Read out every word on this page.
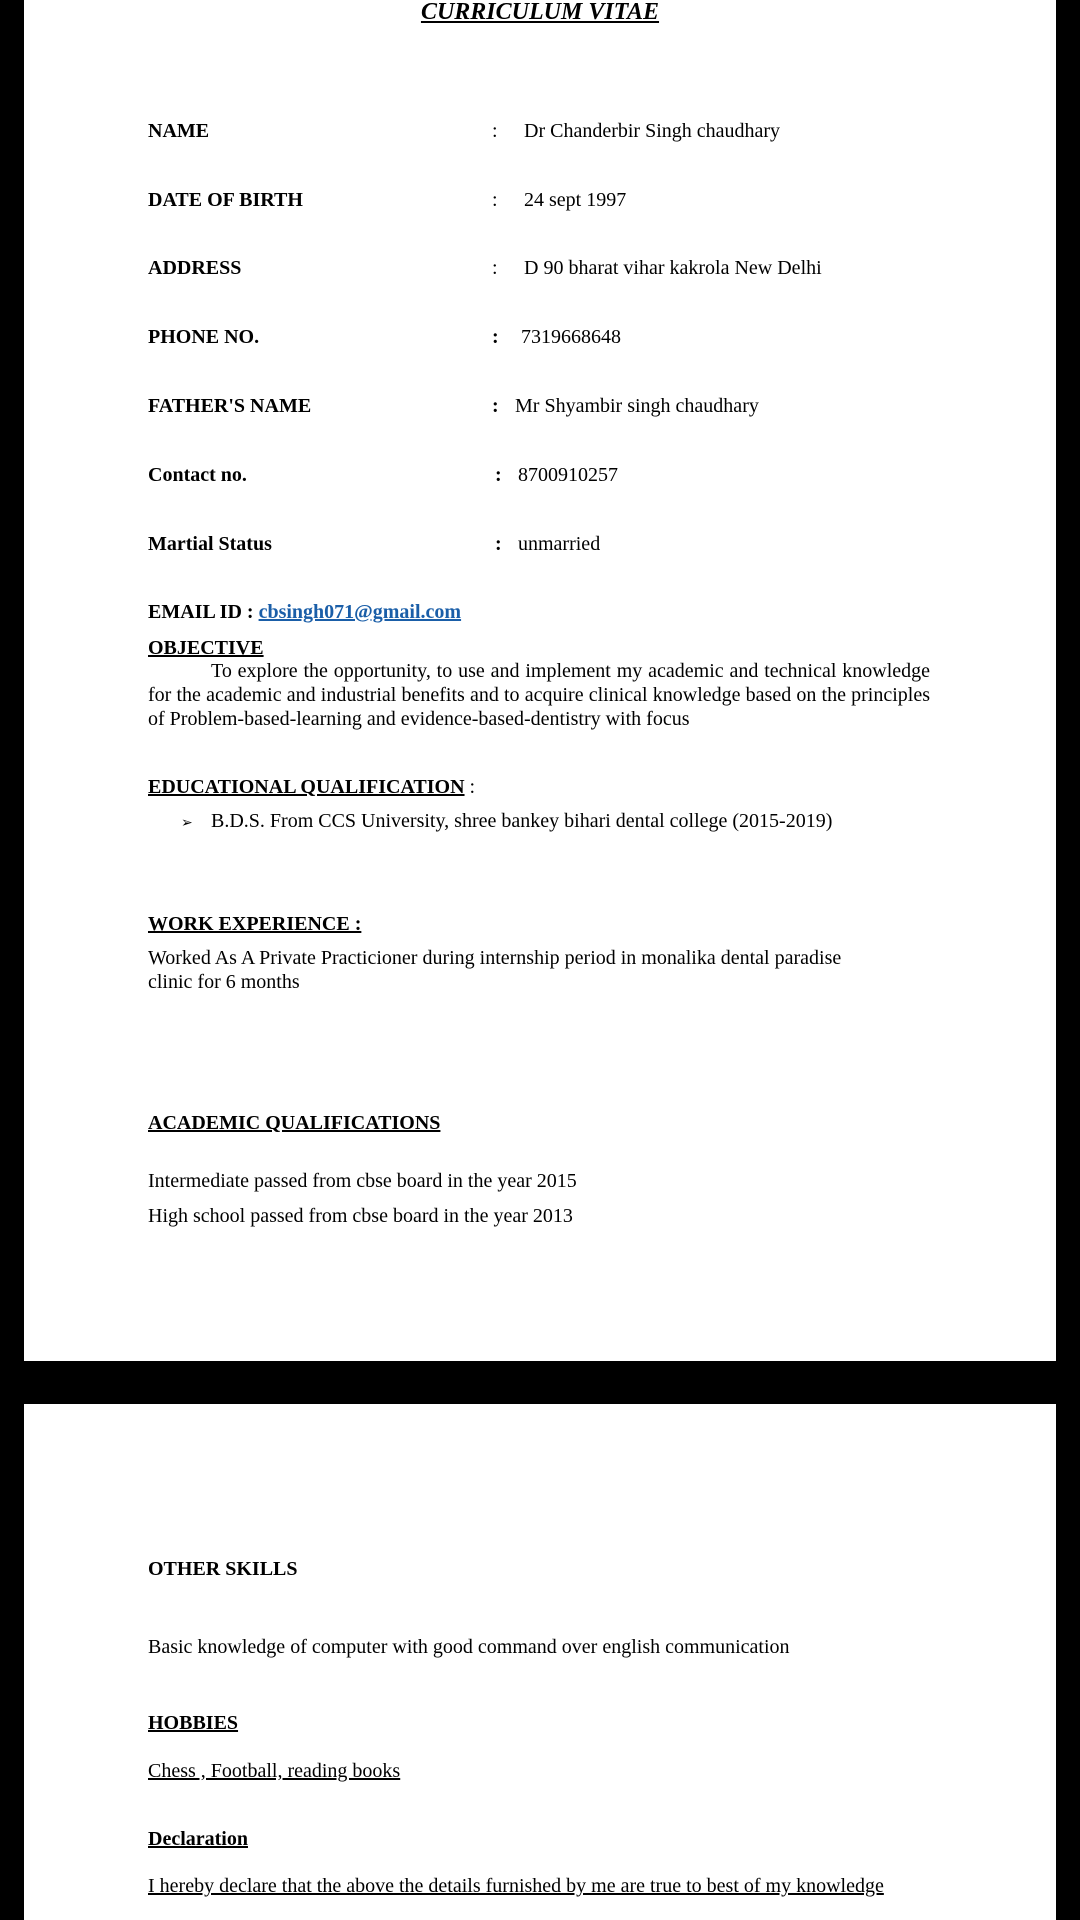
CURRICULUM VITAE
NAME	: Dr Chanderbir Singh chaudhary
DATE OF BIRTH	: 24 sept 1997
ADDRESS	: D 90 bharat vihar kakrola New Delhi
PHONE NO.	: 7319668648
FATHER'S NAME	: Mr Shyambir singh chaudhary
Contact no.	: 8700910257
Martial Status	: unmarried
EMAIL ID : cbsingh071@gmail.com
OBJECTIVE
To explore the opportunity, to use and implement my academic and technical knowledge for the academic and industrial benefits and to acquire clinical knowledge based on the principles of Problem-based-learning and evidence-based-dentistry with focus
EDUCATIONAL QUALIFICATION :
➢ B.D.S. From CCS University, shree bankey bihari dental college (2015-2019)
WORK EXPERIENCE :
Worked As A Private Practicioner during internship period in monalika dental paradise
clinic for 6 months
ACADEMIC QUALIFICATIONS
Intermediate passed from cbse board in the year 2015
High school passed from cbse board in the year 2013
OTHER SKILLS
Basic knowledge of computer with good command over english communication
HOBBIES
Chess , Football, reading books
Declaration
I hereby declare that the above the details furnished by me are true to best of my knowledge
